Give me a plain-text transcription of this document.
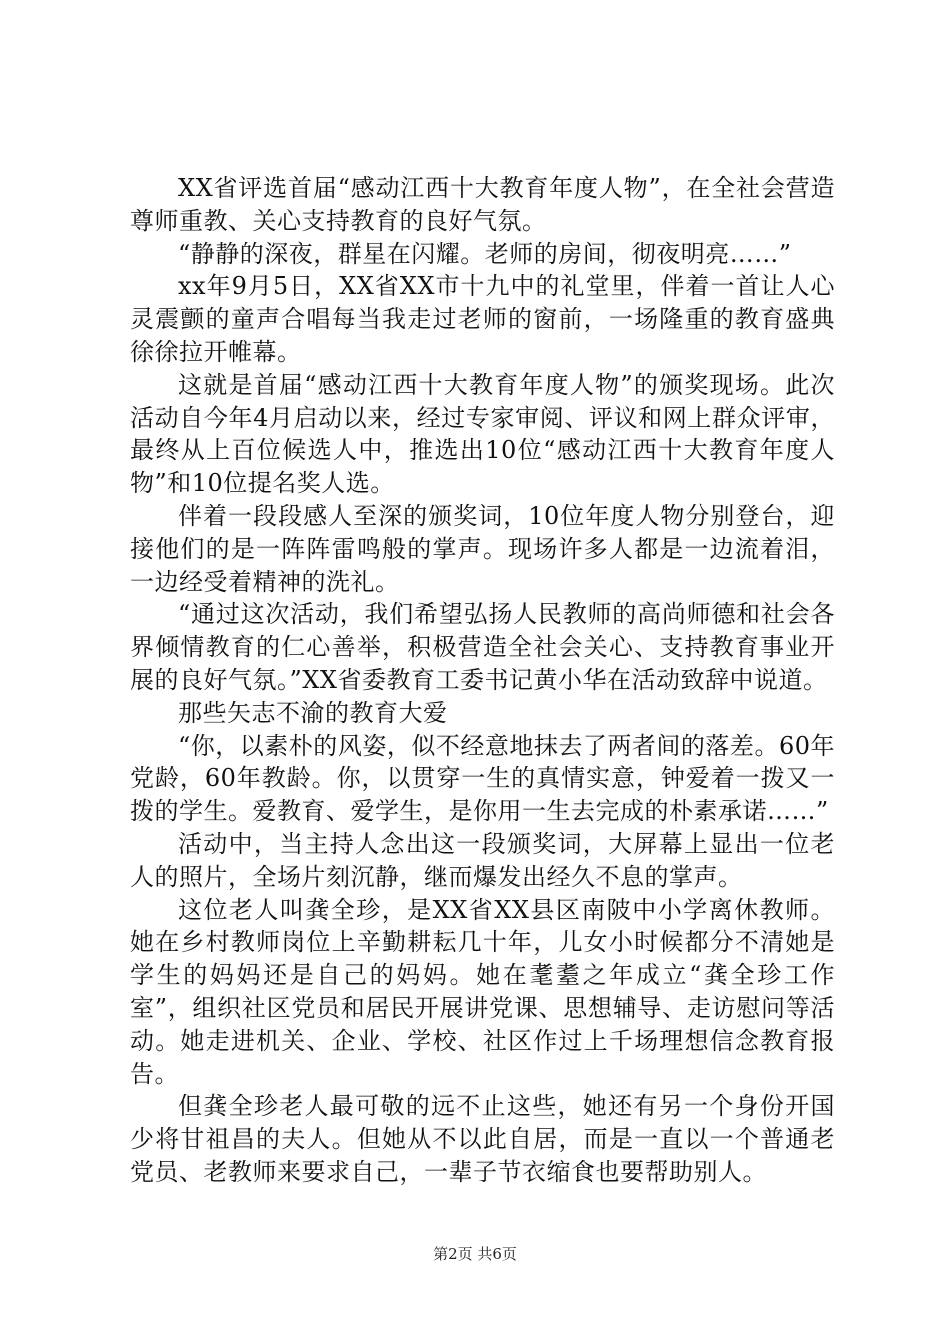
XX省评选首届“感动江西十大教育年度人物”，在全社会营造尊师重教、关心支持教育的良好气氛。

“静静的深夜，群星在闪耀。老师的房间，彻夜明亮……”

xx年9月5日，XX省XX市十九中的礼堂里，伴着一首让人心灵震颤的童声合唱每当我走过老师的窗前，一场隆重的教育盛典徐徐拉开帷幕。

这就是首届“感动江西十大教育年度人物”的颁奖现场。此次活动自今年4月启动以来，经过专家审阅、评议和网上群众评审，最终从上百位候选人中，推选出10位“感动江西十大教育年度人物”和10位提名奖人选。

伴着一段段感人至深的颁奖词，10位年度人物分别登台，迎接他们的是一阵阵雷鸣般的掌声。现场许多人都是一边流着泪，一边经受着精神的洗礼。

“通过这次活动，我们希望弘扬人民教师的高尚师德和社会各界倾情教育的仁心善举，积极营造全社会关心、支持教育事业开展的良好气氛。”XX省委教育工委书记黄小华在活动致辞中说道。

那些矢志不渝的教育大爱

“你，以素朴的风姿，似不经意地抹去了两者间的落差。60年党龄，60年教龄。你，以贯穿一生的真情实意，钟爱着一拨又一拨的学生。爱教育、爱学生，是你用一生去完成的朴素承诺……”

活动中，当主持人念出这一段颁奖词，大屏幕上显出一位老人的照片，全场片刻沉静，继而爆发出经久不息的掌声。

这位老人叫龚全珍，是XX省XX县区南陂中小学离休教师。她在乡村教师岗位上辛勤耕耘几十年，儿女小时候都分不清她是学生的妈妈还是自己的妈妈。她在耄耋之年成立“龚全珍工作室”，组织社区党员和居民开展讲党课、思想辅导、走访慰问等活动。她走进机关、企业、学校、社区作过上千场理想信念教育报告。

但龚全珍老人最可敬的远不止这些，她还有另一个身份开国少将甘祖昌的夫人。但她从不以此自居，而是一直以一个普通老党员、老教师来要求自己，一辈子节衣缩食也要帮助别人。

第2页 共6页
